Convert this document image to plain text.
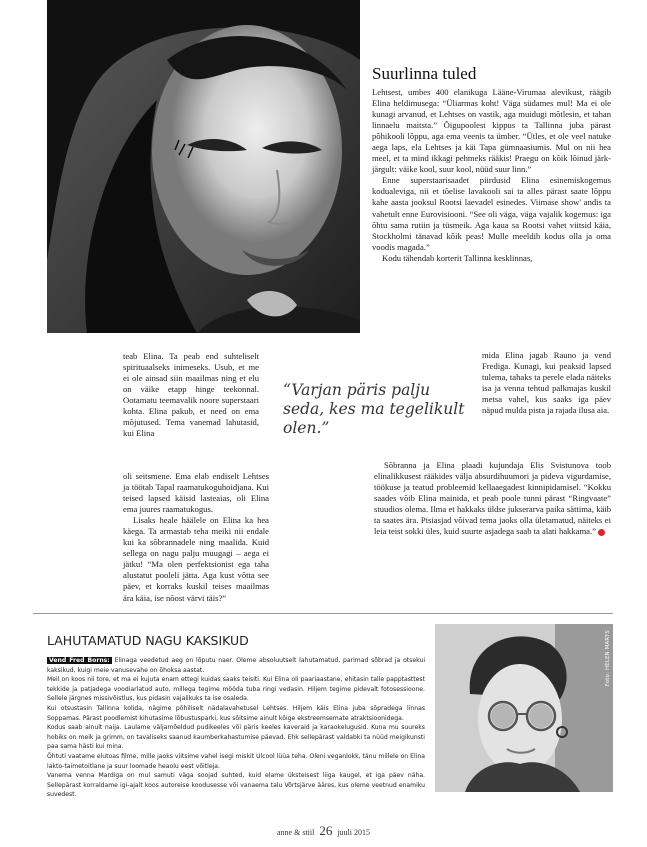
Suurlinna tuled

Lehtsest, umbes 400 elanikuga Lääne-Virumaa alevikust, räägib Elina heldimusega: “Üliarmas koht! Väga südames mul! Ma ei ole kunagi arvanud, et Lehtses on vastik, aga muidugi mõtlesin, et tahan linnaelu maitsta.” Õigupoolest kippus ta Tallinna juba pärast põhikooli lõppu, aga ema veenis ta ümber. “Ütles, et ole veel natuke aega laps, ela Lehtses ja käi Tapa gümnaasiumis. Mul on nii hea meel, et ta mind ikkagi pehmeks rääkis! Praegu on kõik lõinud järk-järgult: väike kool, suur kool, nüüd suur linn.”

Enne superstaarisaadet piirdusid Elina esinemiskogemus kodualeviga, nii et tõelise lavakooli sai ta alles pärast saate lõppu kahe aasta jooksul Rootsi laevadel esinedes. Viimase show' andis ta vahetult enne Eurovisiooni. “See oli väga, väga vajalik kogemus: iga õhtu sama rutiin ja tüsmeik. Aga kaua sa Rootsi vahet viitsid käia, Stockholmi tänavad kõik peas! Mulle meeldib kodus olla ja oma voodis magada.”

Kodu tähendab korterit Tallinna kesklinnas,

mida Elina jagab Rauno ja vend Frediga. Kunagi, kui peaksid lapsed tulema, tahaks ta perele elada näiteks isa ja venna tehtud palkmajas kuskil metsa vahel, kus saaks iga päev näpud mulda pista ja rajada ilusa aia.

teab Elina. Ta peab end suhteliselt spirituaalseks inimeseks. Usub, et me ei ole ainsad siin maailmas ning et elu on väike etapp hinge teekonnal. Ootamatu teemavalik noore superstaari kohta. Elina pakub, et need on ema mõjutused. Tema vanemad lahutasid, kui Elina

oli seitsmene. Ema elab endiselt Lehtses ja töötab Tapal raamatukoguhoidjana. Kui teised lapsed käisid lasteaias, oli Elina ema juures raamatukogus.

Lisaks heale häälele on Elina ka hea käega. Ta armastab teha meiki nii endale kui ka sõbrannadele ning maalida. Kuid sellega on nagu palju muugagi – aega ei jätku! “Ma olen perfektsionist ega taha alustatut pooleli jätta. Aga kust võtta see päev, et korraks kuskil teises maailmas ära käia, ise nõost värvi täis?”

“Varjan päris palju seda, kes ma tegelikult olen.”

Sõbranna ja Elina plaadi kujundaja Elis Svistunova toob elinalikkusest rääkides välja absurdihuumori ja pideva vigurdamise, töökuse ja teatud probleemid kellaaegadest kinnipidamisel. “Kokku saades võib Elina mainida, et peab poole tunni pärast “Ringvaate” stuudios olema. Ilma et hakkaks üldse jukserarva paika sättima, käib ta saates ära. Pisiasjad võivad tema jaoks olla ületamatud, näiteks ei leia teist sokki üles, kuid suurte asjadega saab ta alati hakkama.”

LAHUTAMATUD NAGU KAKSIKUD

Vend Fred Borns: Elinaga veedetud aeg on lõputu naer. Oleme absoluutselt lahutamatud, parimad sõbrad ja otsekui kaksikud, kuigi meie vanusevahe on õhoksa aastat.

Meil on koos nii tore, et ma ei kujuta enam ettegi kuidas saaks teisiti. Kui Elina oli paariaastane, ehitasin talle papptasttest tekkide ja patjadega voodiarlatud auto, millega tegime mööda tuba ringi vedasin. Hiljem tegime pidevalt fotosessioone. Sellele järgnes missivõistlus, kus pidasin vajalikuks ta ise osaleda.

Kui otsustasin Tallinna kolida, nägime põhiliselt nädalavahetusel Lehtses. Hiljem käis Elina juba sõpradega linnas Soppamas. Pärast poodlemist kihutasime lõbustusparki, kus sõitsime ainult kõige ekstreemsemate atraktsioonidega.

Kodus saab ainult naija. Laulame väljamõeldud pudikeeles või päris keeles kaveraid ja karaokelugusid. Kuna mu suureks hobiks on meik ja grimm, on tavaliseks saanud kaumberkahastumise päevad. Ehk sellepärast valdabki ta nüüd meigikunsti paa sama hästi kui mina.

Õhtuti vaatame elutoas filme, mille jaoks viitsime vahel isegi miskit Ulcool lüüa teha. Oleni veganlokk, tänu millele on Elina lakto-taimetoitlane ja suur loomade heaolu eest võitleja.

Vanema venna Mardiga on mul samuti väga soojad suhted, kuid elame üksteisest liiga kaugel, et iga päev näha. Sellepärast korraldame igi-ajalt koos autoreise koodusesse või vanaema talu Võrtsjärve ääres, kus oleme veetnud enamiku suvedest.

Foto: HELEN MARTS
anne & stiil 26 juuli 2015
